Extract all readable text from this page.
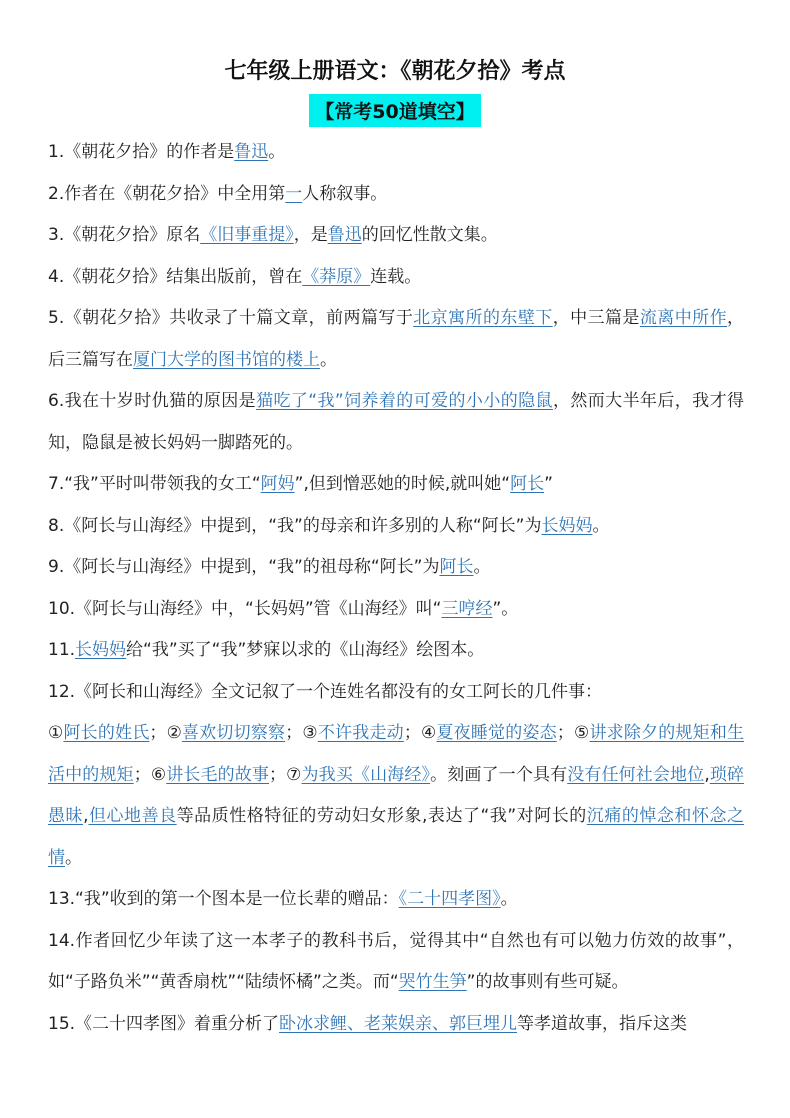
七年级上册语文：《朝花夕拾》考点
【常考50道填空】

1.《朝花夕拾》的作者是鲁迅。

2.作者在《朝花夕拾》中全用第一人称叙事。

3.《朝花夕拾》原名《旧事重提》，是鲁迅的回忆性散文集。

4.《朝花夕拾》结集出版前，曾在《莽原》连载。

5.《朝花夕拾》共收录了十篇文章，前两篇写于北京寓所的东壁下，中三篇是流离中所作，后三篇写在厦门大学的图书馆的楼上。

6.我在十岁时仇猫的原因是猫吃了“我”饲养着的可爱的小小的隐鼠，然而大半年后，我才得知，隐鼠是被长妈妈一脚踏死的。

7.“我”平时叫带领我的女工“阿妈”,但到憎恶她的时候,就叫她“阿长”

8.《阿长与山海经》中提到，“我”的母亲和许多别的人称“阿长”为长妈妈。

9.《阿长与山海经》中提到，“我”的祖母称“阿长”为阿长。

10.《阿长与山海经》中，“长妈妈”管《山海经》叫“三哼经”。

11.长妈妈给“我”买了“我”梦寐以求的《山海经》绘图本。

12.《阿长和山海经》全文记叙了一个连姓名都没有的女工阿长的几件事：

①阿长的姓氏；②喜欢切切察察；③不许我走动；④夏夜睡觉的姿态；⑤讲求除夕的规矩和生活中的规矩；⑥讲长毛的故事；⑦为我买《山海经》。刻画了一个具有没有任何社会地位,琐碎愚昧,但心地善良等品质性格特征的劳动妇女形象,表达了“我”对阿长的沉痛的悼念和怀念之情。

13.“我”收到的第一个图本是一位长辈的赠品：《二十四孝图》。

14.作者回忆少年读了这一本孝子的教科书后，觉得其中“自然也有可以勉力仿效的故事”，如“子路负米”“黄香扇枕”“陆绩怀橘”之类。而“哭竹生笋”的故事则有些可疑。

15.《二十四孝图》着重分析了卧冰求鲤、老莱娱亲、郭巨埋儿等孝道故事，指斥这类
